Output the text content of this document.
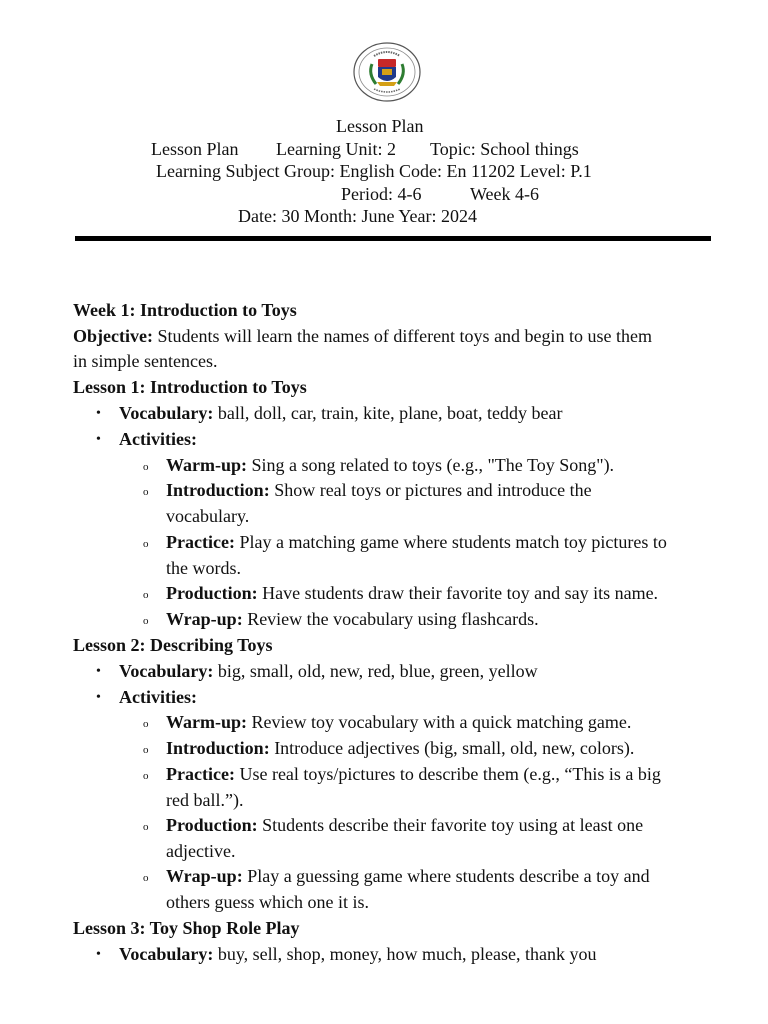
Lesson Plan
Lesson Plan Learning Unit: 2 Topic: School things
Learning Subject Group: English Code: En 11202 Level: P.1
Period: 4-6	Week 4-6
Date: 30 Month: June Year: 2024
Week 1: Introduction to Toys
Objective: Students will learn the names of different toys and begin to use them
in simple sentences.
Lesson 1: Introduction to Toys
• Vocabulary: ball, doll, car, train, kite, plane, boat, teddy bear
• Activities:
o Warm-up: Sing a song related to toys (e.g., "The Toy Song").
o Introduction: Show real toys or pictures and introduce the
vocabulary.
o Practice: Play a matching game where students match toy pictures to
the words.
o Production: Have students draw their favorite toy and say its name.
o Wrap-up: Review the vocabulary using flashcards.
Lesson 2: Describing Toys
• Vocabulary: big, small, old, new, red, blue, green, yellow
• Activities:
o Warm-up: Review toy vocabulary with a quick matching game.
o Introduction: Introduce adjectives (big, small, old, new, colors).
o Practice: Use real toys/pictures to describe them (e.g., “This is a big
red ball.”).
o Production: Students describe their favorite toy using at least one
adjective.
o Wrap-up: Play a guessing game where students describe a toy and
others guess which one it is.
Lesson 3: Toy Shop Role Play
• Vocabulary: buy, sell, shop, money, how much, please, thank you
